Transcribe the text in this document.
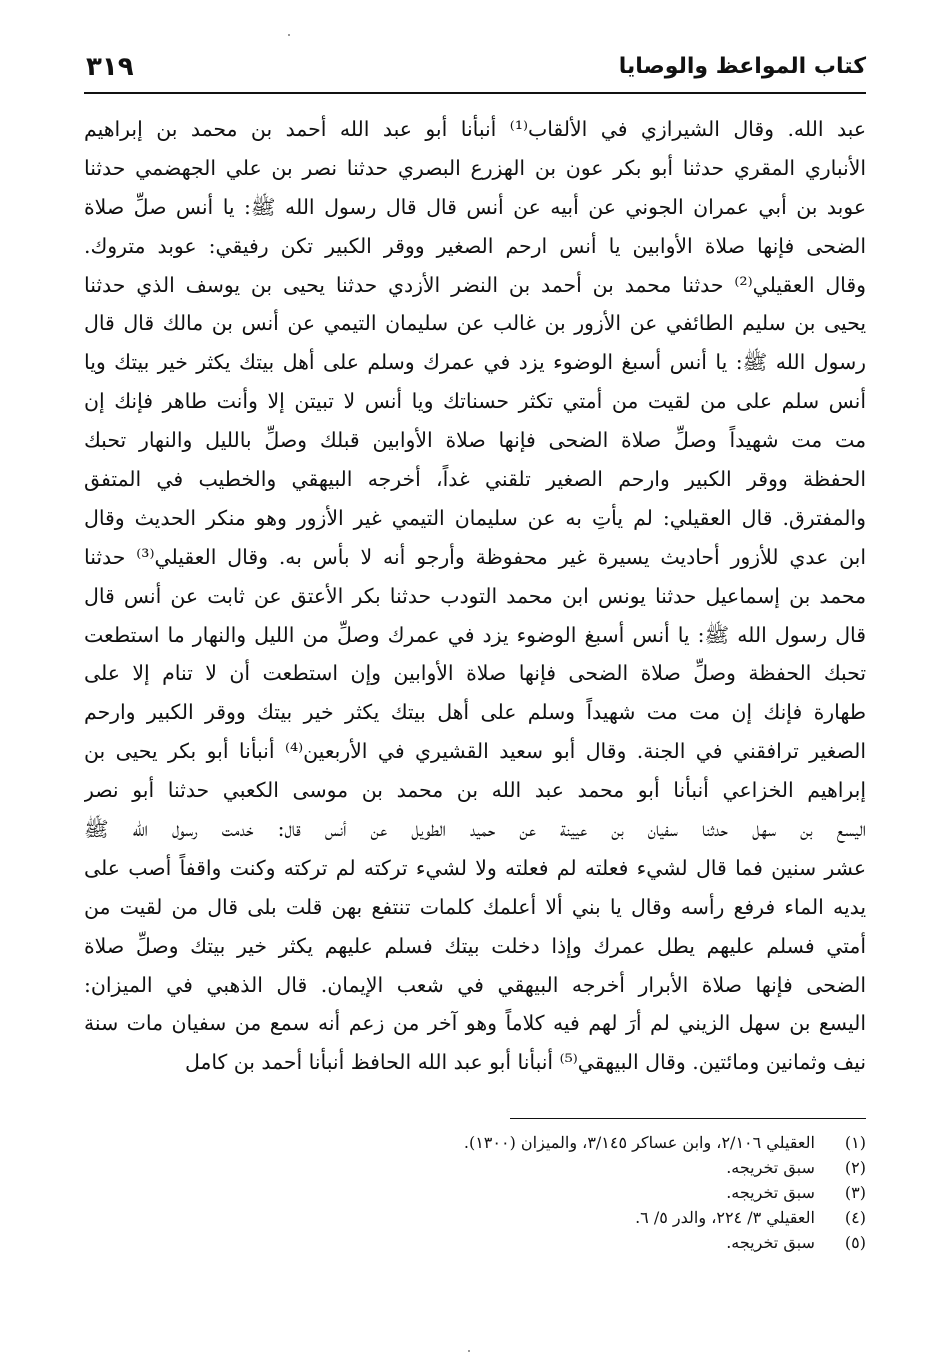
كتاب المواعظ والوصايا
٣١٩
عبد الله. وقال الشيرازي في الألقاب⁽¹⁾ أنبأنا أبو عبد الله أحمد بن محمد بن إبراهيم
الأنباري المقري حدثنا أبو بكر عون بن الهزرع البصري حدثنا نصر بن علي الجهضمي حدثنا
عوبد بن أبي عمران الجوني عن أبيه عن أنس قال قال رسول الله ﷺ: يا أنس صلِّ صلاة
الضحى فإنها صلاة الأوابين يا أنس ارحم الصغير ووقر الكبير تكن رفيقي: عوبد متروك.
وقال العقيلي⁽²⁾ حدثنا محمد بن أحمد بن النضر الأزدي حدثنا يحيى بن يوسف الذي حدثنا
يحيى بن سليم الطائفي عن الأزور بن غالب عن سليمان التيمي عن أنس بن مالك قال قال
رسول الله ﷺ: يا أنس أسبغ الوضوء يزد في عمرك وسلم على أهل بيتك يكثر خير بيتك ويا
أنس سلم على من لقيت من أمتي تكثر حسناتك ويا أنس لا تبيتن إلا وأنت طاهر فإنك إن
مت مت شهيداً وصلِّ صلاة الضحى فإنها صلاة الأوابين قبلك وصلِّ بالليل والنهار تحبك
الحفظة ووقر الكبير وارحم الصغير تلقني غداً، أخرجه البيهقي والخطيب في المتفق
والمفترق. قال العقيلي: لم يأتِ به عن سليمان التيمي غير الأزور وهو منكر الحديث وقال
ابن عدي للأزور أحاديث يسيرة غير محفوظة وأرجو أنه لا بأس به. وقال العقيلي⁽³⁾ حدثنا
محمد بن إسماعيل حدثنا يونس ابن محمد التودب حدثنا بكر الأعتق عن ثابت عن أنس قال
قال رسول الله ﷺ: يا أنس أسبغ الوضوء يزد في عمرك وصلِّ من الليل والنهار ما استطعت
تحبك الحفظة وصلِّ صلاة الضحى فإنها صلاة الأوابين وإن استطعت أن لا تنام إلا على
طهارة فإنك إن مت مت شهيداً وسلم على أهل بيتك يكثر خير بيتك ووقر الكبير وارحم
الصغير ترافقني في الجنة. وقال أبو سعيد القشيري في الأربعين⁽⁴⁾ أنبأنا أبو بكر يحيى بن
إبراهيم الخزاعي أنبأنا أبو محمد عبد الله بن محمد بن موسى الكعبي حدثنا أبو نصر
اليسع بن سهل حدثنا سفيان بن عيينة عن حميد الطويل عن أنس قال: خدمت رسول الله ﷺ
عشر سنين فما قال لشيء فعلته لم فعلته ولا لشيء تركته لم تركته وكنت واقفاً أصب على
يديه الماء فرفع رأسه وقال يا بني ألا أعلمك كلمات تنتفع بهن قلت بلى قال من لقيت من
أمتي فسلم عليهم يطل عمرك وإذا دخلت بيتك فسلم عليهم يكثر خير بيتك وصلِّ صلاة
الضحى فإنها صلاة الأبرار أخرجه البيهقي في شعب الإيمان. قال الذهبي في الميزان:
اليسع بن سهل الزيني لم أرَ لهم فيه كلاماً وهو آخر من زعم أنه سمع من سفيان مات سنة
نيف وثمانين ومائتين. وقال البيهقي⁽⁵⁾ أنبأنا أبو عبد الله الحافظ أنبأنا أحمد بن كامل
(١) العقيلي ٢/١٠٦، وابن عساكر ٣/١٤٥، والميزان (١٣٠٠).
(٢) سبق تخريجه.
(٣) سبق تخريجه.
(٤) العقيلي ٣/ ٢٢٤، والدر ٥/ ٦.
(٥) سبق تخريجه.
